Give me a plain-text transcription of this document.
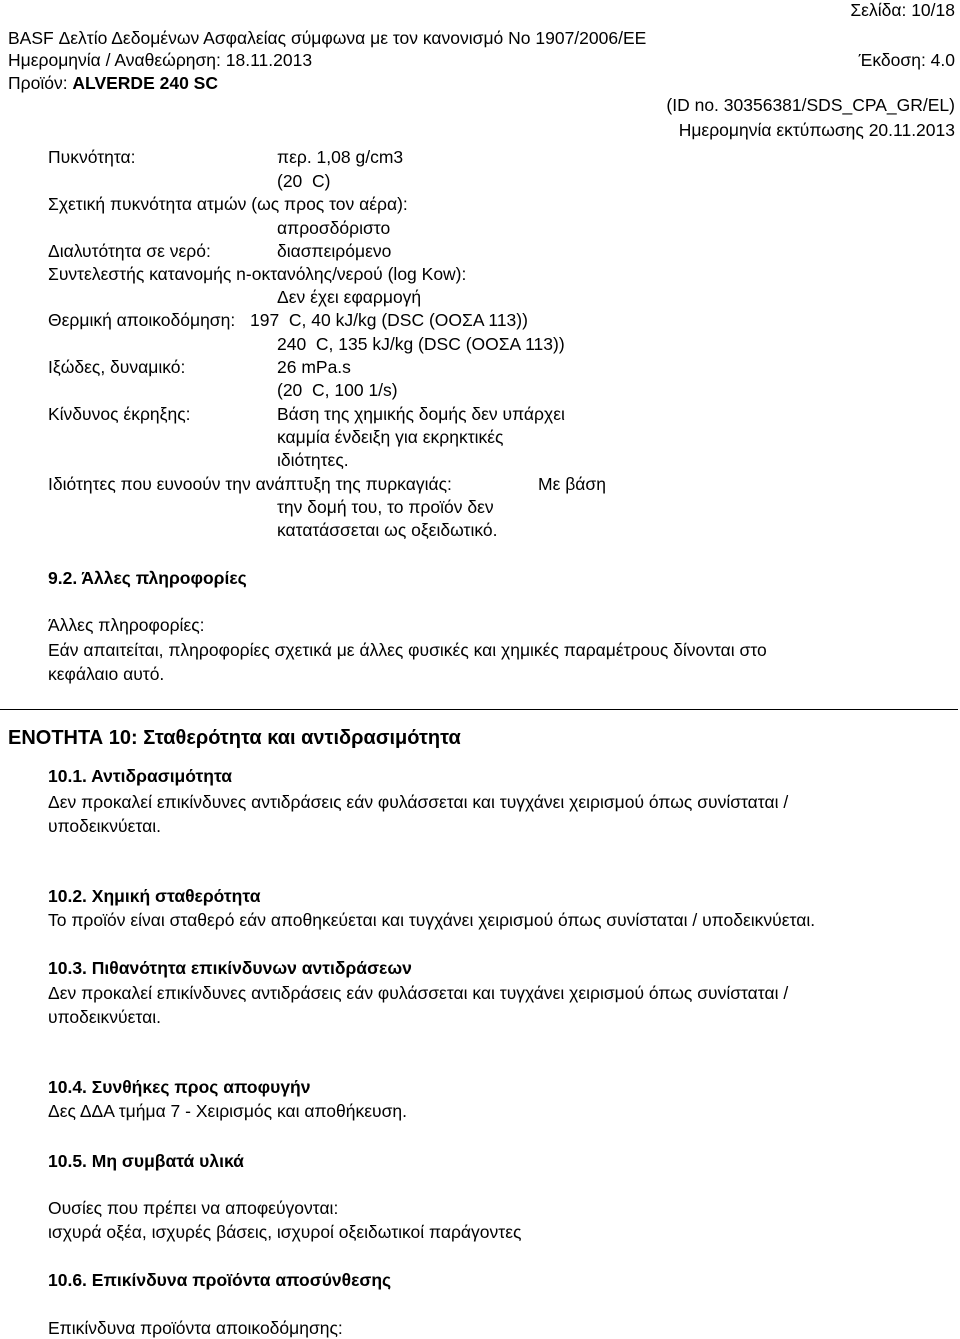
Σελίδα: 10/18
BASF Δελτίο Δεδομένων Ασφαλείας σύμφωνα με τον κανονισμό Νο 1907/2006/ΕΕ
Ημερομηνία / Αναθεώρηση: 18.11.2013	Έκδοση: 4.0
Προϊόν: ALVERDE 240 SC
(ID no. 30356381/SDS_CPA_GR/EL)
Ημερομηνία εκτύπωσης 20.11.2013
Πυκνότητα:	περ. 1,08 g/cm3
(20  C)
Σχετική πυκνότητα ατμών (ως προς τον αέρα):
απροσδόριστο
Διαλυτότητα σε νερό:	διασπειρόμενο
Συντελεστής κατανομής n-οκτανόλης/νερού (log Kow):
Δεν έχει εφαρμογή
Θερμική αποικοδόμηση: 197  C, 40 kJ/kg (DSC (ΟΟΣΑ 113))
240  C, 135 kJ/kg (DSC (ΟΟΣΑ 113))
Ιξώδες, δυναμικό:	26 mPa.s
(20  C, 100 1/s)
Κίνδυνος έκρηξης:	Βάση της χημικής δομής δεν υπάρχει
καμμία ένδειξη για εκρηκτικές
ιδιότητες.
Ιδιότητες που ευνοούν την ανάπτυξη της πυρκαγιάς:	Με βάση
την δομή του, το προϊόν δεν
κατατάσσεται ως οξειδωτικό.
9.2. Άλλες πληροφορίες
Άλλες πληροφορίες:
Εάν απαιτείται, πληροφορίες σχετικά με άλλες φυσικές και χημικές παραμέτρους δίνονται στο
κεφάλαιο αυτό.
ΕΝΟΤΗΤΑ 10: Σταθερότητα και αντιδρασιμότητα
10.1. Αντιδρασιμότητα
Δεν προκαλεί επικίνδυνες αντιδράσεις εάν φυλάσσεται και τυγχάνει χειρισμού όπως συνίσταται /
υποδεικνύεται.
10.2. Χημική σταθερότητα
Το προϊόν είναι σταθερό εάν αποθηκεύεται και τυγχάνει χειρισμού όπως συνίσταται / υποδεικνύεται.
10.3. Πιθανότητα επικίνδυνων αντιδράσεων
Δεν προκαλεί επικίνδυνες αντιδράσεις εάν φυλάσσεται και τυγχάνει χειρισμού όπως συνίσταται /
υποδεικνύεται.
10.4. Συνθήκες προς αποφυγήν
Δες ΔΔΑ τμήμα 7 - Χειρισμός και αποθήκευση.
10.5. Μη συμβατά υλικά
Ουσίες που πρέπει να αποφεύγονται:
ισχυρά οξέα, ισχυρές βάσεις, ισχυροί οξειδωτικοί παράγοντες
10.6. Επικίνδυνα προϊόντα αποσύνθεσης
Επικίνδυνα προϊόντα αποικοδόμησης:
